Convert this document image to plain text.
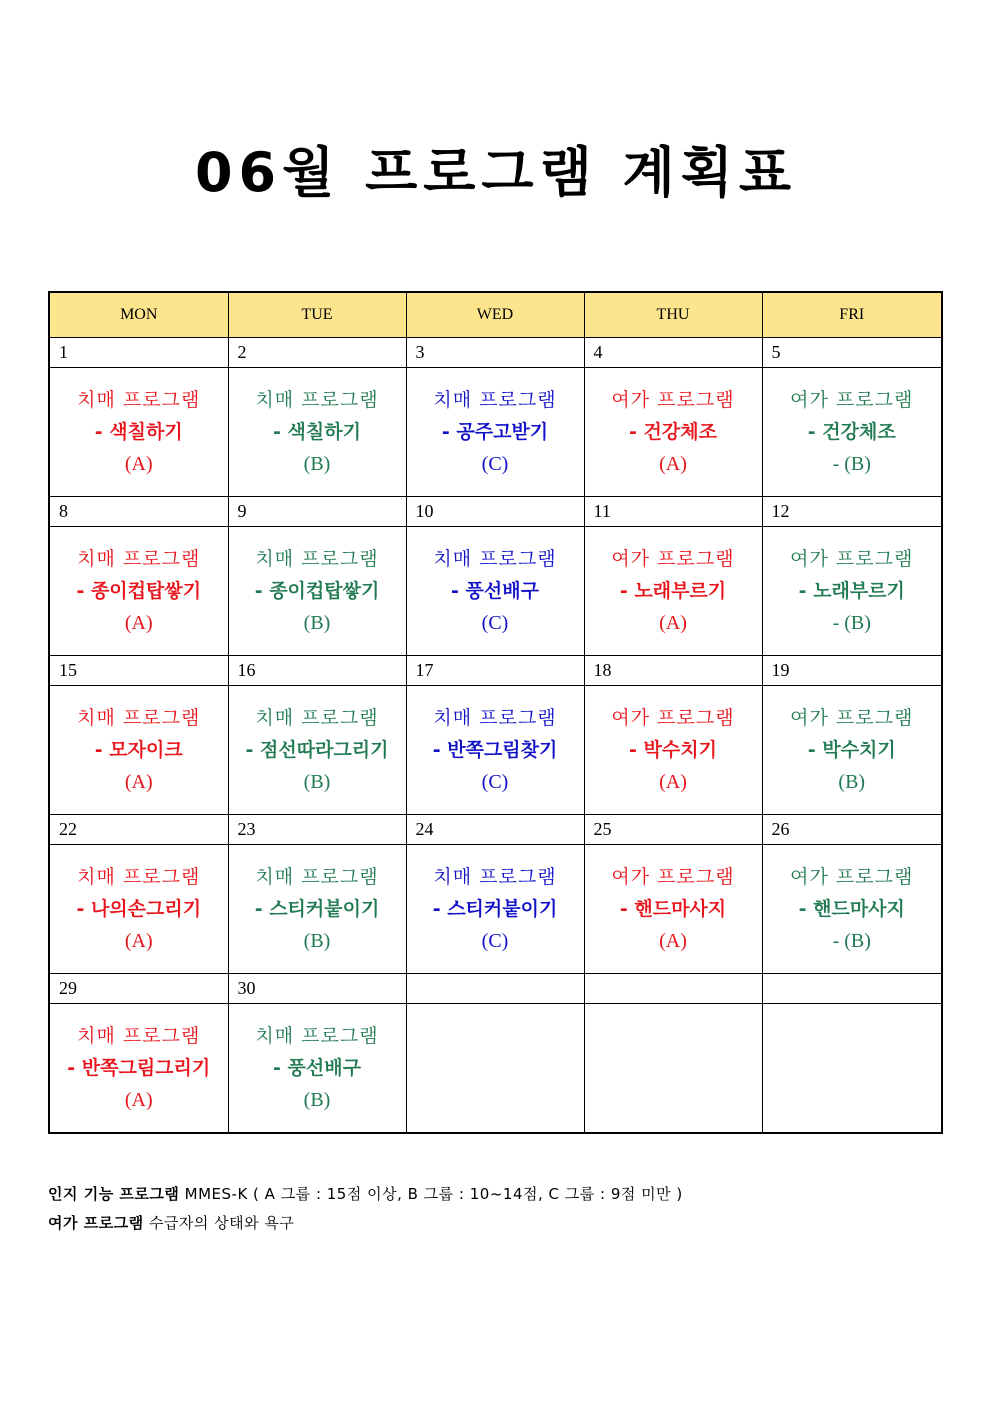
06월 프로그램 계획표
MON	TUE	WED	THU	FRI
1	2	3	4	5

치매 프로그램
- 색칠하기
(A)	치매 프로그램
- 색칠하기
(B)	치매 프로그램
- 공주고받기
(C)	여가 프로그램
- 건강체조
(A)	여가 프로그램
- 건강체조
- (B)

8	9	10	11	12

치매 프로그램
- 종이컵탑쌓기
(A)	치매 프로그램
- 종이컵탑쌓기
(B)	치매 프로그램
- 풍선배구
(C)	여가 프로그램
- 노래부르기
(A)	여가 프로그램
- 노래부르기
- (B)

15	16	17	18	19

치매 프로그램
- 모자이크
(A)	치매 프로그램
- 점선따라그리기
(B)	치매 프로그램
- 반쪽그림찾기
(C)	여가 프로그램
- 박수치기
(A)	여가 프로그램
- 박수치기
(B)

22	23	24	25	26

치매 프로그램
- 나의손그리기
(A)	치매 프로그램
- 스티커붙이기
(B)	치매 프로그램
- 스티커붙이기
(C)	여가 프로그램
- 핸드마사지
(A)	여가 프로그램
- 핸드마사지
- (B)

29	30			

치매 프로그램
- 반쪽그림그리기
(A)	치매 프로그램
- 풍선배구
(B)			

인지 기능 프로그램 MMES-K ( A 그룹 : 15점 이상, B 그룹 : 10~14점, C 그룹 : 9점 미만 )
여가 프로그램 수급자의 상태와 욕구
